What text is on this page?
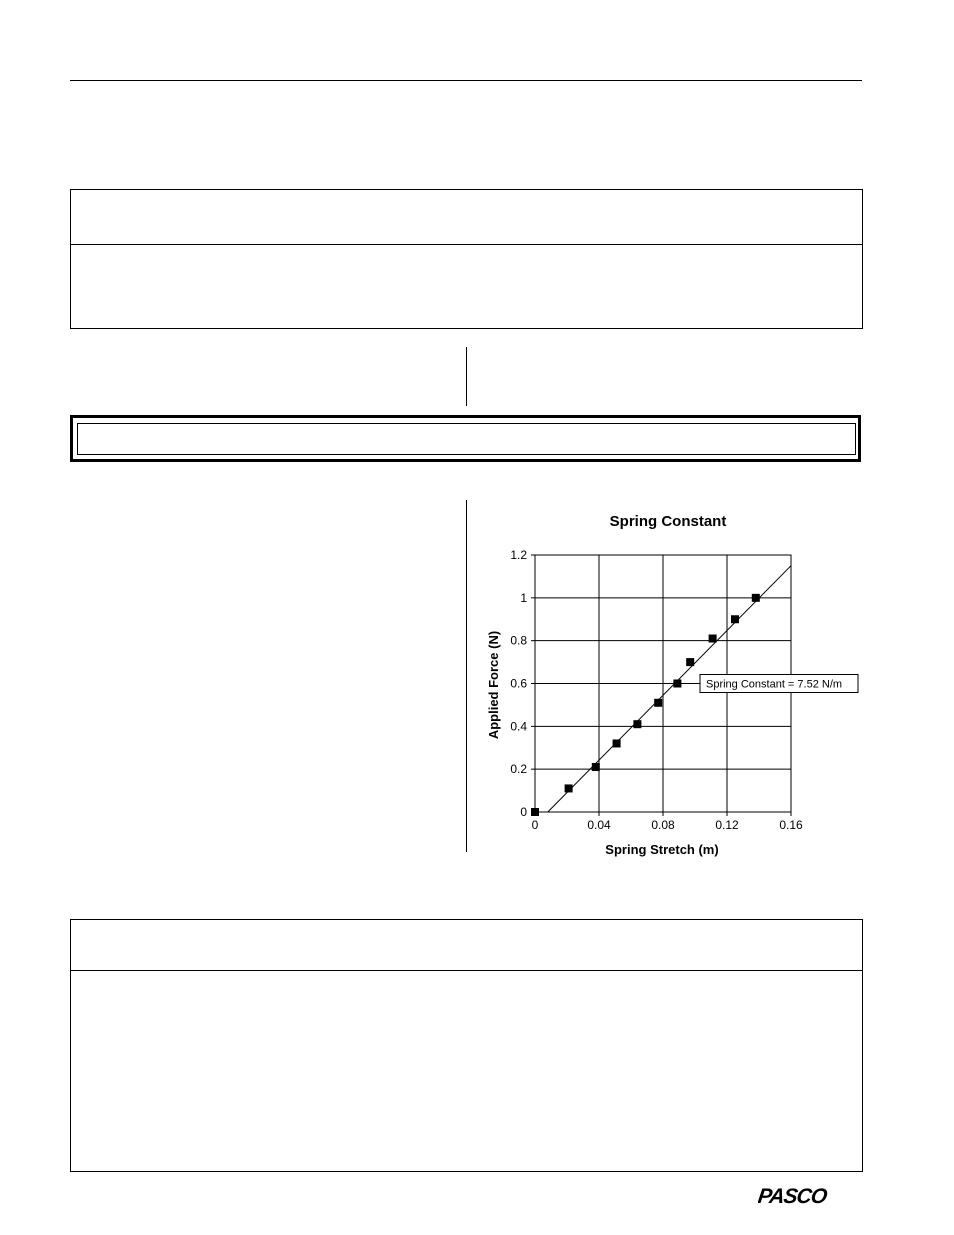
Spring Constant
0	0.04	0.08	0.12	0.16
0
0.2
0.4
0.6
0.8
1
1.2
Spring Constant = 7.52 N/m
Spring Stretch (m)
Applied Force (N)
PASCO
